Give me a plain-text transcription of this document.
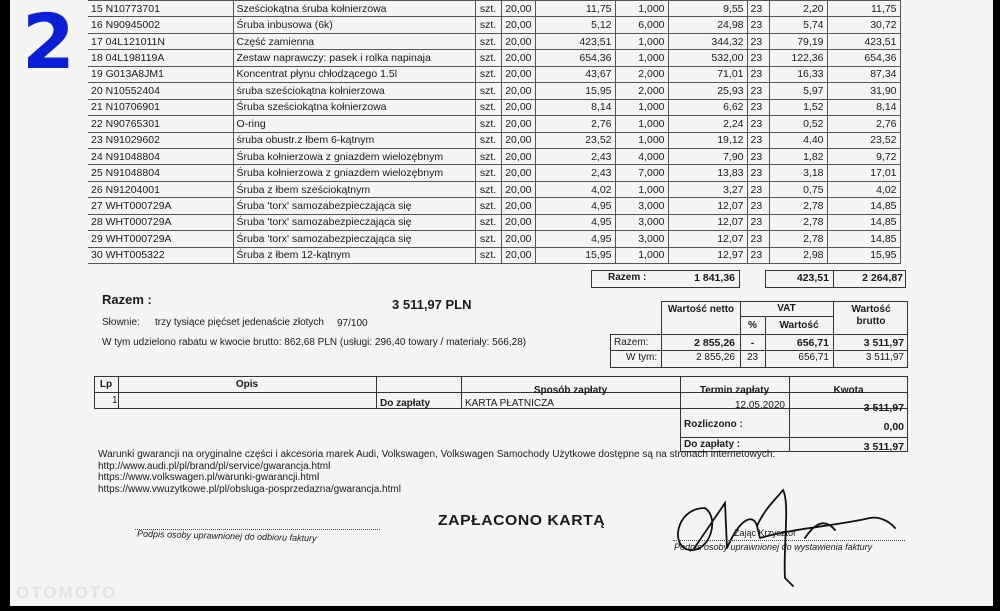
2 15 N10773701	Sześciokątna śruba kołnierzowa	szt.	20,00	11,75	1,000	9,55	23	2,20	11,75
16 N90945002	Śruba inbusowa (6k)	szt.	20,00	5,12	6,000	24,98	23	5,74	30,72
17 04L121011N	Część zamienna	szt.	20,00	423,51	1,000	344,32	23	79,19	423,51
18 04L198119A	Zestaw naprawczy: pasek i rolka napinaja	szt.	20,00	654,36	1,000	532,00	23	122,36	654,36
19 G013A8JM1	Koncentrat płynu chłodzącego 1.5l	szt.	20,00	43,67	2,000	71,01	23	16,33	87,34
20 N10552404	śruba sześciokątna kołnierzowa	szt.	20,00	15,95	2,000	25,93	23	5,97	31,90
21 N10706901	Śruba sześciokątna kołnierzowa	szt.	20,00	8,14	1,000	6,62	23	1,52	8,14
22 N90765301	O-ring	szt.	20,00	2,76	1,000	2,24	23	0,52	2,76
23 N91029602	śruba obustr.z łbem 6-kątnym	szt.	20,00	23,52	1,000	19,12	23	4,40	23,52
24 N91048804	Śruba kołnierzowa z gniazdem wielozębnym	szt.	20,00	2,43	4,000	7,90	23	1,82	9,72
25 N91048804	Śruba kołnierzowa z gniazdem wielozębnym	szt.	20,00	2,43	7,000	13,83	23	3,18	17,01
26 N91204001	Śruba z łbem sześciokątnym	szt.	20,00	4,02	1,000	3,27	23	0,75	4,02
27 WHT000729A	Śruba 'torx' samozabezpieczająca się	szt.	20,00	4,95	3,000	12,07	23	2,78	14,85
28 WHT000729A	Śruba 'torx' samozabezpieczająca się	szt.	20,00	4,95	3,000	12,07	23	2,78	14,85
29 WHT000729A	Śruba 'torx' samozabezpieczająca się	szt.	20,00	4,95	3,000	12,07	23	2,78	14,85
30 WHT005322	Śruba z łbem 12-kątnym	szt.	20,00	15,95	1,000	12,97	23	2,98	15,95
Razem :	1 841,36	423,51	2 264,87
Razem :	3 511,97 PLN
Słownie: trzy tysiące pięćset jedenaście złotych 97/100
W tym udzielono rabatu w kwocie brutto: 862,68 PLN (usługi: 296,40 towary / materiały: 566,28)
Wartość netto	VAT
%	Wartość
Wartość brutto
Razem:	2 855,26	-	656,71	3 511,97
W tym:	2 855,26	23	656,71	3 511,97
Lp	Opis
Sposób zapłaty	Termin zapłaty	Kwota
1	Do zapłaty	KARTA PŁATNICZA	12.05.2020	3 511,97
Rozliczono :	0,00
Do zapłaty :	3 511,97
Warunki gwarancji na oryginalne części i akcesoria marek Audi, Volkswagen, Volkswagen Samochody Użytkowe dostępne są na stronach internetowych:
http://www.audi.pl/pl/brand/pl/service/gwarancja.html
https://www.volkswagen.pl/warunki-gwarancji.html
https://www.vwuzytkowe.pl/pl/obsluga-posprzedazna/gwarancja.html
ZAPŁACONO KARTĄ
Podpis osoby uprawnionej do odbioru faktury	Zając Krzysztof
Podpis osoby uprawnionej do wystawienia faktury
OTOMOTO
